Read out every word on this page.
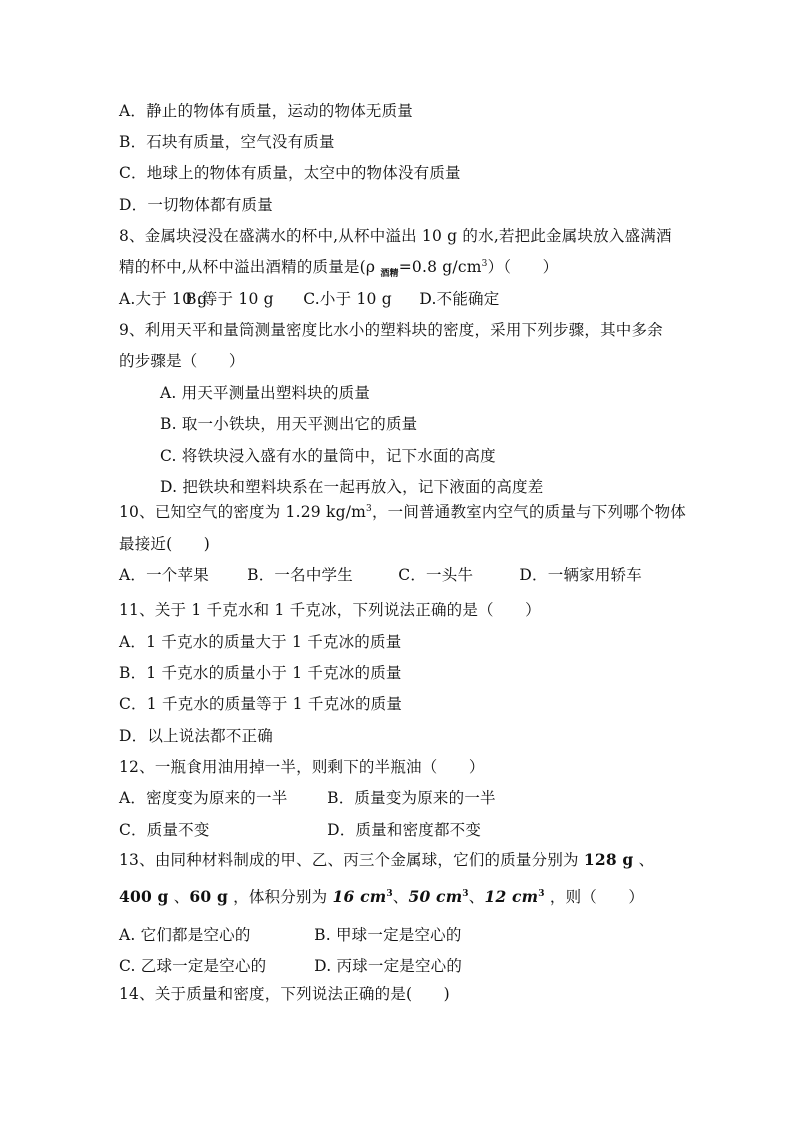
A．静止的物体有质量，运动的物体无质量
B．石块有质量，空气没有质量
C．地球上的物体有质量，太空中的物体没有质量
D．一切物体都有质量
8、金属块浸没在盛满水的杯中,从杯中溢出 10 g 的水,若把此金属块放入盛满酒
精的杯中,从杯中溢出酒精的质量是(ρ $_{酒精}$=0.8 $g/cm^3$）（　　）
A.大于 10 g B.等于 10 g C.小于 10 g D.不能确定
9、利用天平和量筒测量密度比水小的塑料块的密度，采用下列步骤，其中多余
的步骤是（　　）
A. 用天平测量出塑料块的质量
B. 取一小铁块，用天平测出它的质量
C. 将铁块浸入盛有水的量筒中，记下水面的高度
D. 把铁块和塑料块系在一起再放入，记下液面的高度差
10、已知空气的密度为 1.29 $kg/m^3$，一间普通教室内空气的质量与下列哪个物体
最接近(　　)
A．一个苹果 B．一名中学生	C．一头牛	D．一辆家用轿车
11、关于 1 千克水和 1 千克冰，下列说法正确的是（　　）
A．1 千克水的质量大于 1 千克冰的质量
B．1 千克水的质量小于 1 千克冰的质量
C．1 千克水的质量等于 1 千克冰的质量
D．以上说法都不正确
12、一瓶食用油用掉一半，则剩下的半瓶油（　　）
A．密度变为原来的一半	B．质量变为原来的一半
C．质量不变	D．质量和密度都不变
13、由同种材料制成的甲、乙、丙三个金属球，它们的质量分别为 128 g 、
400 g 、60 g ，体积分别为 16 $cm^3$、50 $cm^3$、12 $cm^3$ ，则（　　）
A. 它们都是空心的	B. 甲球一定是空心的
C. 乙球一定是空心的	D. 丙球一定是空心的
14、关于质量和密度，下列说法正确的是(　　)
